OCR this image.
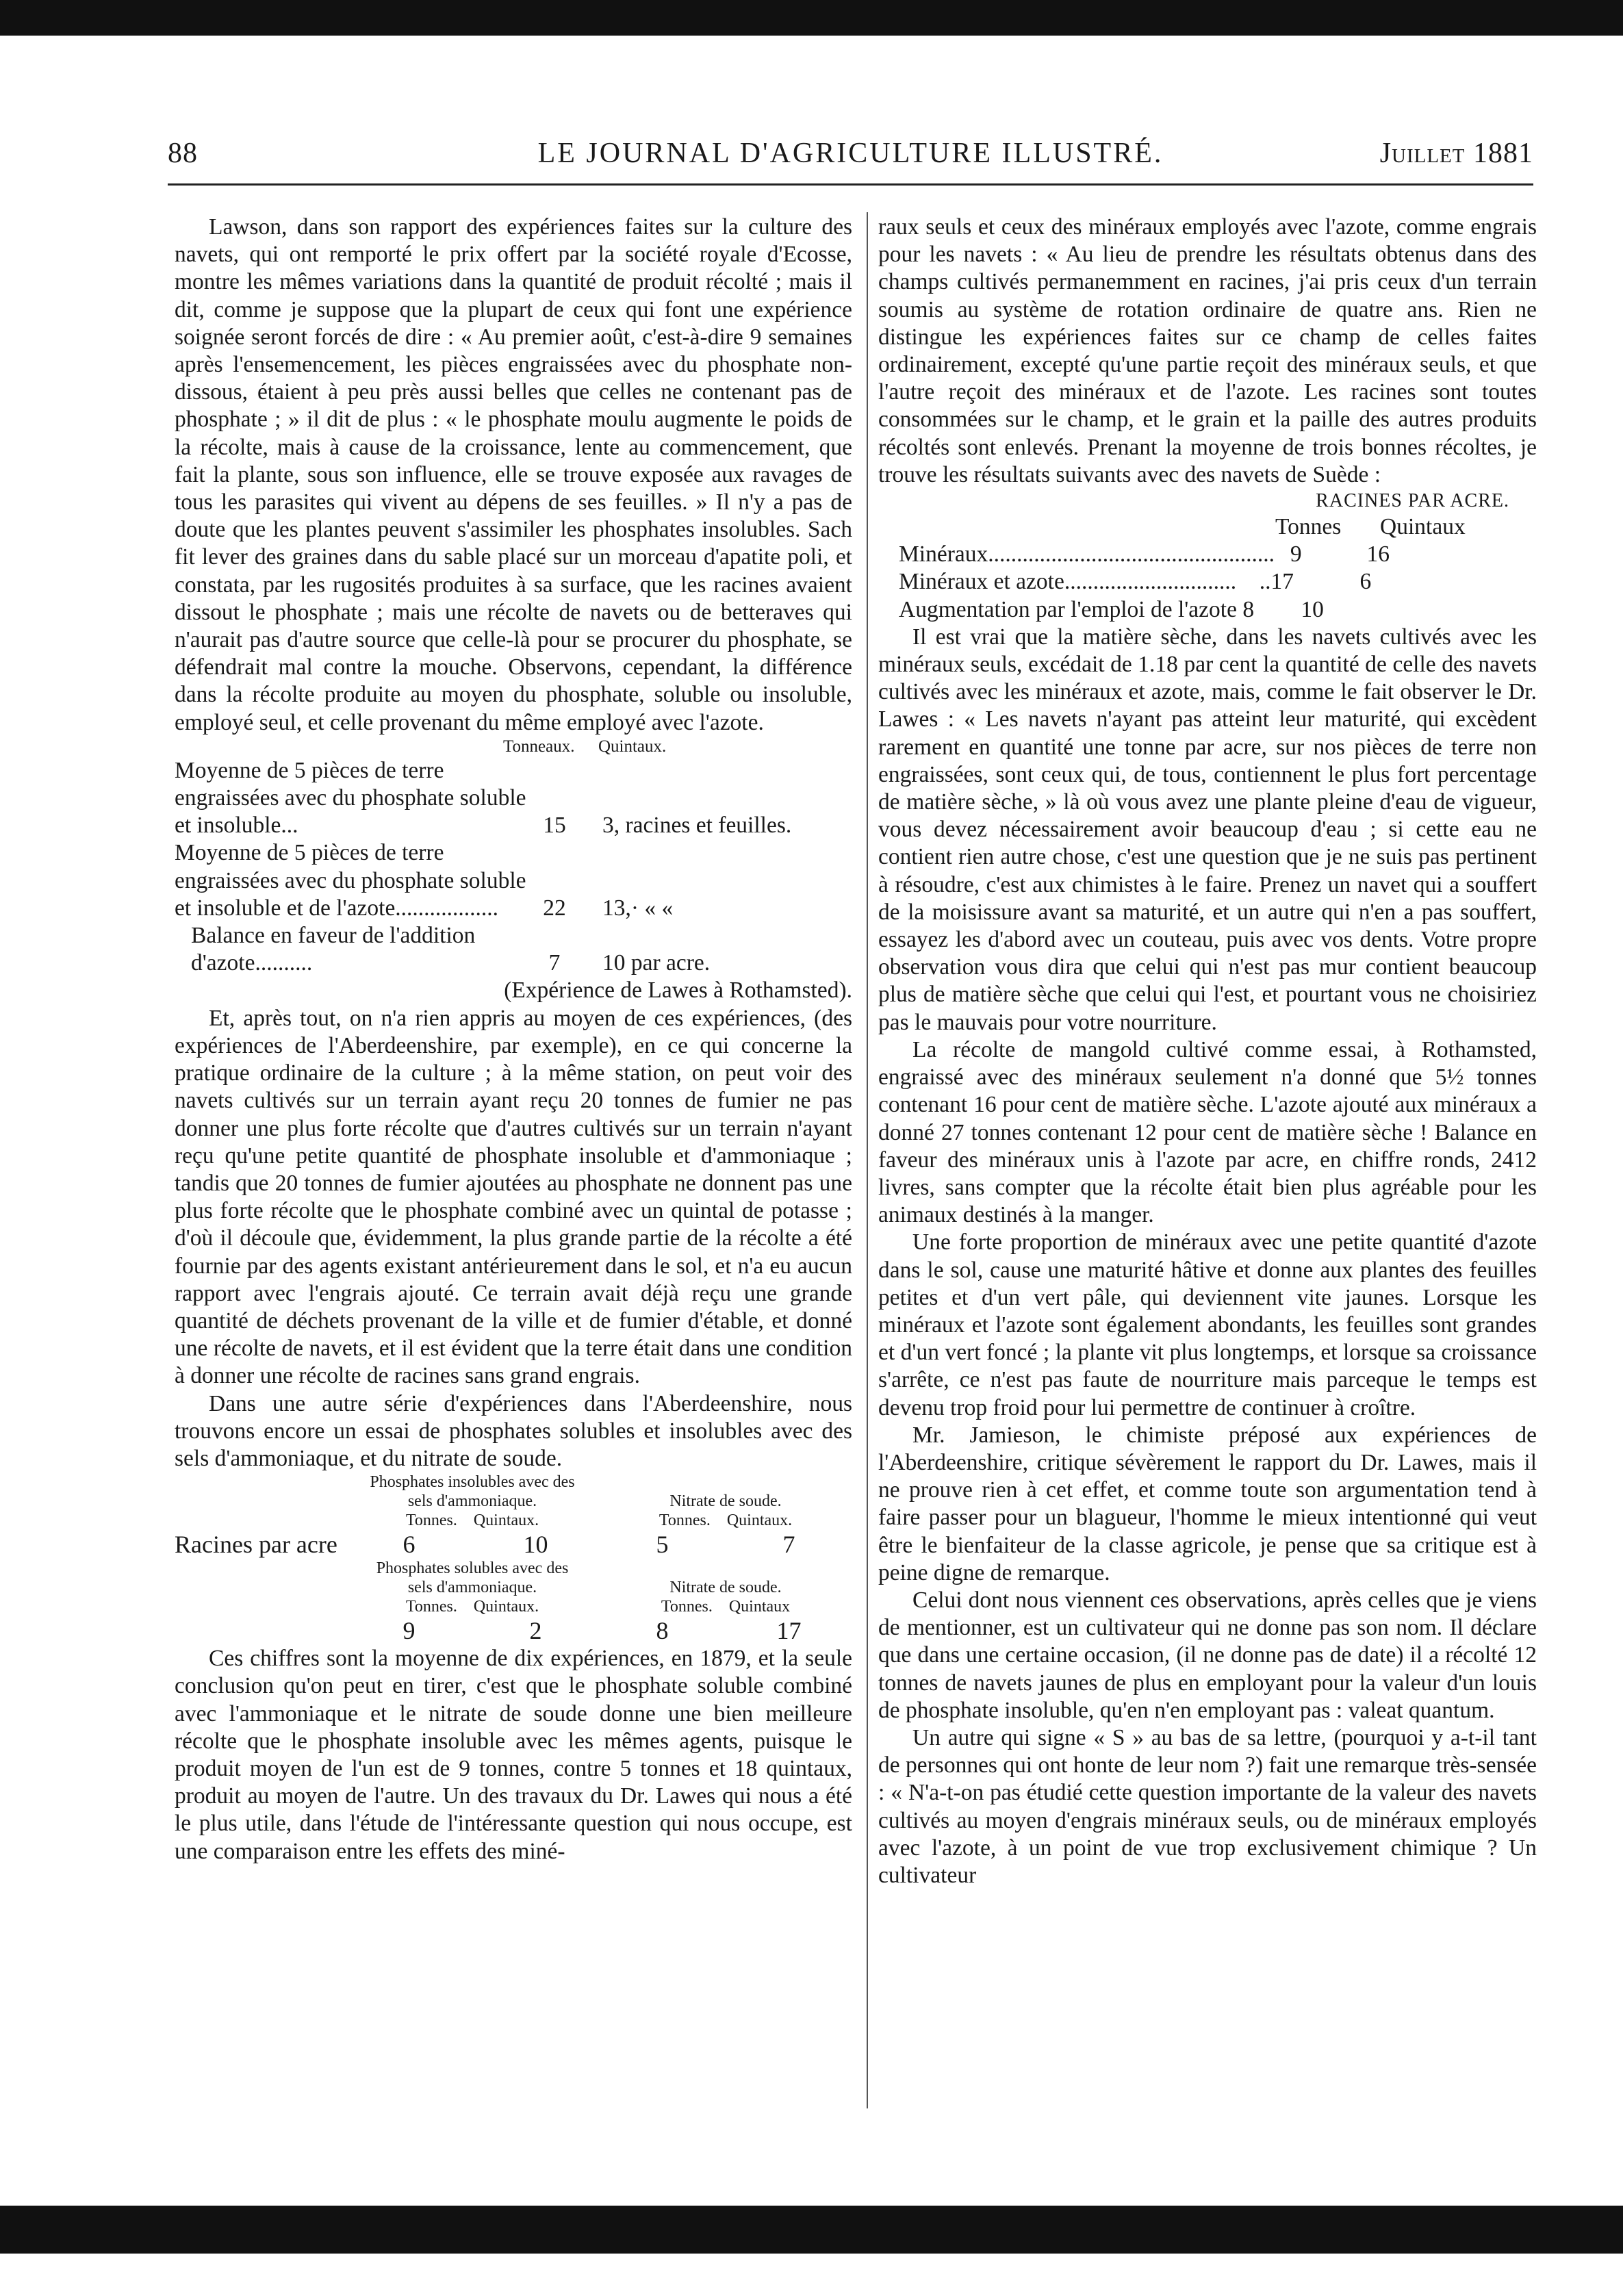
88	LE JOURNAL D'AGRICULTURE ILLUSTRÉ.	Juillet 1881

Lawson, dans son rapport des expériences faites sur la culture des navets, qui ont remporté le prix offert par la société royale d'Ecosse, montre les mêmes variations dans la quantité de produit récolté ; mais il dit, comme je suppose que la plupart de ceux qui font une expérience soignée seront forcés de dire : « Au premier août, c'est-à-dire 9 semaines après l'ensemencement, les pièces engraissées avec du phosphate non-dissous, étaient à peu près aussi belles que celles ne contenant pas de phosphate ; » il dit de plus : « le phosphate moulu augmente le poids de la récolte, mais à cause de la croissance, lente au commencement, que fait la plante, sous son influence, elle se trouve exposée aux ravages de tous les parasites qui vivent au dépens de ses feuilles. » Il n'y a pas de doute que les plantes peuvent s'assimiler les phosphates insolubles. Sach fit lever des graines dans du sable placé sur un morceau d'apatite poli, et constata, par les rugosités produites à sa surface, que les racines avaient dissout le phosphate ; mais une récolte de navets ou de betteraves qui n'aurait pas d'autre source que celle-là pour se procurer du phosphate, se défendrait mal contre la mouche. Observons, cependant, la différence dans la récolte produite au moyen du phosphate, soluble ou insoluble, employé seul, et celle provenant du même employé avec l'azote.

Tonneaux. Quintaux.
Moyenne de 5 pièces de terre engraissées avec du phosphate soluble et insoluble...	15	3, racines et feuilles.
Moyenne de 5 pièces de terre engraissées avec du phosphate soluble et insoluble et de l'azote..................	22	13,· « «
Balance en faveur de l'addition d'azote..........	7	10 par acre.
(Expérience de Lawes à Rothamsted).

Et, après tout, on n'a rien appris au moyen de ces expériences, (des expériences de l'Aberdeenshire, par exemple), en ce qui concerne la pratique ordinaire de la culture ; à la même station, on peut voir des navets cultivés sur un terrain ayant reçu 20 tonnes de fumier ne pas donner une plus forte récolte que d'autres cultivés sur un terrain n'ayant reçu qu'une petite quantité de phosphate insoluble et d'ammoniaque ; tandis que 20 tonnes de fumier ajoutées au phosphate ne donnent pas une plus forte récolte que le phosphate combiné avec un quintal de potasse ; d'où il découle que, évidemment, la plus grande partie de la récolte a été fournie par des agents existant antérieurement dans le sol, et n'a eu aucun rapport avec l'engrais ajouté. Ce terrain avait déjà reçu une grande quantité de déchets provenant de la ville et de fumier d'étable, et donné une récolte de navets, et il est évident que la terre était dans une condition à donner une récolte de racines sans grand engrais.

Dans une autre série d'expériences dans l'Aberdeenshire, nous trouvons encore un essai de phosphates solubles et insolubles avec des sels d'ammoniaque, et du nitrate de soude.

Phosphates insolubles avec des
sels d'ammoniaque.
Tonnes.    Quintaux.
Nitrate de soude.
Tonnes.    Quintaux.
Racines par acre	6	10	5	7
Phosphates solubles avec des
sels d'ammoniaque.
Tonnes.    Quintaux.
Nitrate de soude.
Tonnes.    Quintaux
9	2	8	17

Ces chiffres sont la moyenne de dix expériences, en 1879, et la seule conclusion qu'on peut en tirer, c'est que le phosphate soluble combiné avec l'ammoniaque et le nitrate de soude donne une bien meilleure récolte que le phosphate insoluble avec les mêmes agents, puisque le produit moyen de l'un est de 9 tonnes, contre 5 tonnes et 18 quintaux, produit au moyen de l'autre. Un des travaux du Dr. Lawes qui nous a été le plus utile, dans l'étude de l'intéressante question qui nous occupe, est une comparaison entre les effets des miné-

raux seuls et ceux des minéraux employés avec l'azote, comme engrais pour les navets : « Au lieu de prendre les résultats obtenus dans des champs cultivés permanemment en racines, j'ai pris ceux d'un terrain soumis au système de rotation ordinaire de quatre ans. Rien ne distingue les expériences faites sur ce champ de celles faites ordinairement, excepté qu'une partie reçoit des minéraux seuls, et que l'autre reçoit des minéraux et de l'azote. Les racines sont toutes consommées sur le champ, et le grain et la paille des autres produits récoltés sont enlevés. Prenant la moyenne de trois bonnes récoltes, je trouve les résultats suivants avec des navets de Suède :

RACINES PAR ACRE.
Tonnes Quintaux
Minéraux .................................................. 9	16
Minéraux et azote ..............................	..17	6
Augmentation par l'emploi de l'azote 8	10

Il est vrai que la matière sèche, dans les navets cultivés avec les minéraux seuls, excédait de 1.18 par cent la quantité de celle des navets cultivés avec les minéraux et azote, mais, comme le fait observer le Dr. Lawes : « Les navets n'ayant pas atteint leur maturité, qui excèdent rarement en quantité une tonne par acre, sur nos pièces de terre non engraissées, sont ceux qui, de tous, contiennent le plus fort percentage de matière sèche, » là où vous avez une plante pleine d'eau de vigueur, vous devez nécessairement avoir beaucoup d'eau ; si cette eau ne contient rien autre chose, c'est une question que je ne suis pas pertinent à résoudre, c'est aux chimistes à le faire. Prenez un navet qui a souffert de la moisissure avant sa maturité, et un autre qui n'en a pas souffert, essayez les d'abord avec un couteau, puis avec vos dents. Votre propre observation vous dira que celui qui n'est pas mur contient beaucoup plus de matière sèche que celui qui l'est, et pourtant vous ne choisiriez pas le mauvais pour votre nourriture.

La récolte de mangold cultivé comme essai, à Rothamsted, engraissé avec des minéraux seulement n'a donné que 5½ tonnes contenant 16 pour cent de matière sèche. L'azote ajouté aux minéraux a donné 27 tonnes contenant 12 pour cent de matière sèche ! Balance en faveur des minéraux unis à l'azote par acre, en chiffre ronds, 2412 livres, sans compter que la récolte était bien plus agréable pour les animaux destinés à la manger.

Une forte proportion de minéraux avec une petite quantité d'azote dans le sol, cause une maturité hâtive et donne aux plantes des feuilles petites et d'un vert pâle, qui deviennent vite jaunes. Lorsque les minéraux et l'azote sont également abondants, les feuilles sont grandes et d'un vert foncé ; la plante vit plus longtemps, et lorsque sa croissance s'arrête, ce n'est pas faute de nourriture mais parceque le temps est devenu trop froid pour lui permettre de continuer à croître.

Mr. Jamieson, le chimiste préposé aux expériences de l'Aberdeenshire, critique sévèrement le rapport du Dr. Lawes, mais il ne prouve rien à cet effet, et comme toute son argumentation tend à faire passer pour un blagueur, l'homme le mieux intentionné qui veut être le bienfaiteur de la classe agricole, je pense que sa critique est à peine digne de remarque.

Celui dont nous viennent ces observations, après celles que je viens de mentionner, est un cultivateur qui ne donne pas son nom. Il déclare que dans une certaine occasion, (il ne donne pas de date) il a récolté 12 tonnes de navets jaunes de plus en employant pour la valeur d'un louis de phosphate insoluble, qu'en n'en employant pas : valeat quantum.

Un autre qui signe « S » au bas de sa lettre, (pourquoi y a-t-il tant de personnes qui ont honte de leur nom ?) fait une remarque très-sensée : « N'a-t-on pas étudié cette question importante de la valeur des navets cultivés au moyen d'engrais minéraux seuls, ou de minéraux employés avec l'azote, à un point de vue trop exclusivement chimique ? Un cultivateur
